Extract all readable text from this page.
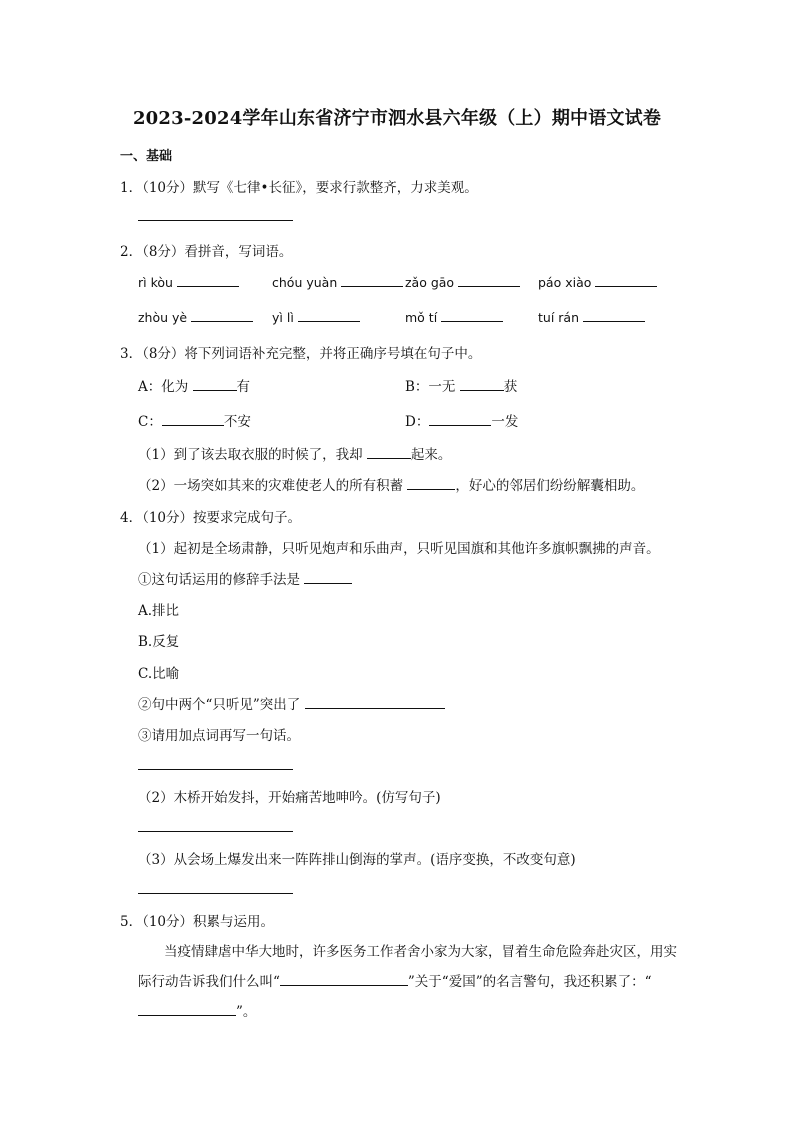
2023-2024学年山东省济宁市泗水县六年级（上）期中语文试卷
一、基础
1．（10分）默写《七律•长征》，要求行款整齐，力求美观。
2．（8分）看拼音，写词语。
rì kòu	chóu yuàn	zǎo gāo	páo xiào
zhòu yè	yì lì	mǒ tí	tuí rán
3．（8分）将下列词语补充完整，并将正确序号填在句子中。
A：化为	有	B：一无	获
C：	不安	D：	一发
（1）到了该去取衣服的时候了，我却	起来。
（2）一场突如其来的灾难使老人的所有积蓄	，好心的邻居们纷纷解囊相助。
4．（10分）按要求完成句子。
（1）起初是全场肃静，只听见炮声和乐曲声，只听见国旗和其他许多旗帜飘拂的声音。
①这句话运用的修辞手法是
A.排比
B.反复
C.比喻
②句中两个“只听见”突出了
③请用加点词再写一句话。
（2）木桥开始发抖，开始痛苦地呻吟。(仿写句子)
（3）从会场上爆发出来一阵阵排山倒海的掌声。(语序变换，不改变句意)
5．（10分）积累与运用。
当疫情肆虐中华大地时，许多医务工作者舍小家为大家，冒着生命危险奔赴灾区，用实际行动告诉我们什么叫“	”关于“爱国”的名言警句，我还积累了：“”。
